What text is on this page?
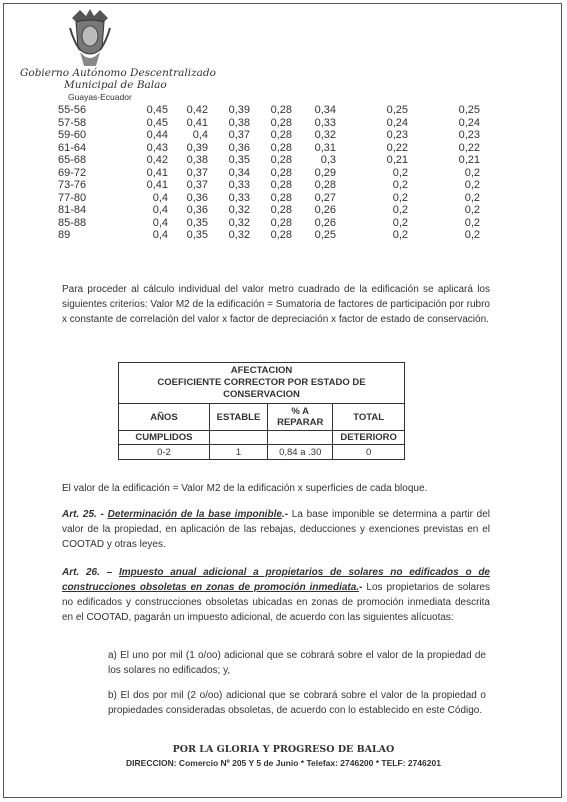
Gobierno Autónomo Descentralizado
Municipal de Balao
Guayas-Ecuador
55-56	0,45	0,42	0,39	0,28	0,34	0,25	0,25
57-58	0,45	0,41	0,38	0,28	0,33	0,24	0,24
59-60	0,44	0,4	0,37	0,28	0,32	0,23	0,23
61-64	0,43	0,39	0,36	0,28	0,31	0,22	0,22
65-68	0,42	0,38	0,35	0,28	0,3	0,21	0,21
69-72	0,41	0,37	0,34	0,28	0,29	0,2	0,2
73-76	0,41	0,37	0,33	0,28	0,28	0,2	0,2
77-80	0,4	0,36	0,33	0,28	0,27	0,2	0,2
81-84	0,4	0,36	0,32	0,28	0,26	0,2	0,2
85-88	0,4	0,35	0,32	0,28	0,26	0,2	0,2
89	0,4	0,35	0,32	0,28	0,25	0,2	0,2
Para proceder al cálculo individual del valor metro cuadrado de la edificación se aplicará los siguientes criterios: Valor M2 de la edificación = Sumatoria de factores de participación por rubro x constante de correlación del valor x factor de depreciación x factor de estado de conservación.
AFECTACION
COEFICIENTE CORRECTOR POR ESTADO DE CONSERVACION			

AÑOS	ESTABLE	% A REPARAR	TOTAL
CUMPLIDOS			DETERIORO
0-2	1	0,84 a .30	0
El valor de la edificación = Valor M2 de la edificación x superficies de cada bloque.
Art. 25. - Determinación de la base imponible.- La base imponible se determina a partir del valor de la propiedad, en aplicación de las rebajas, deducciones y exenciones previstas en el COOTAD y otras leyes.
Art. 26. – Impuesto anual adicional a propietarios de solares no edificados o de construcciones obsoletas en zonas de promoción inmediata.- Los propietarios de solares no edificados y construcciones obsoletas ubicadas en zonas de promoción inmediata descrita en el COOTAD, pagarán un impuesto adicional, de acuerdo con las siguientes alícuotas:
a) El uno por mil (1 o/oo) adicional que se cobrará sobre el valor de la propiedad de los solares no edificados; y,
b) El dos por mil (2 o/oo) adicional que se cobrará sobre el valor de la propiedad o propiedades consideradas obsoletas, de acuerdo con lo establecido en este Código.
POR LA GLORIA Y PROGRESO DE BALAO
DIRECCION: Comercio Nº 205 Y 5 de Junio * Telefax: 2746200 * TELF: 2746201
